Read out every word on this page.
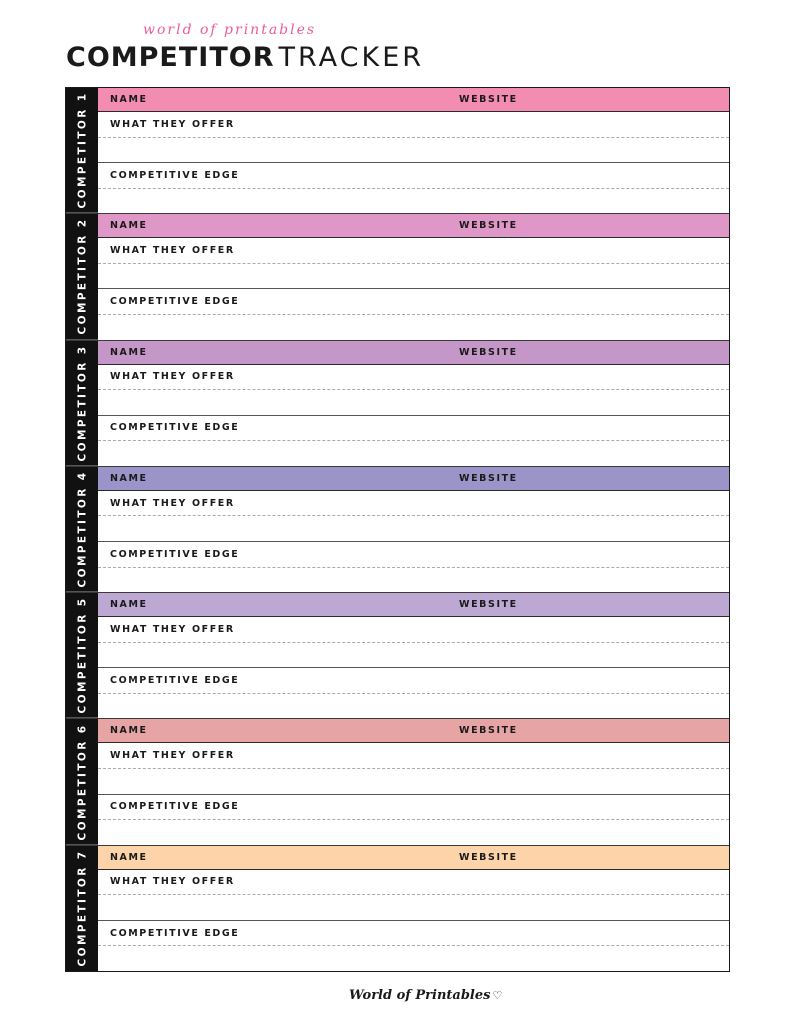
world of printables
COMPETITOR TRACKER
COMPETITOR1	NAME	WEBSITE
WHAT THEY OFFER
COMPETITIVE EDGE
COMPETITOR2	NAME	WEBSITE
WHAT THEY OFFER
COMPETITIVE EDGE
COMPETITOR3	NAME	WEBSITE
WHAT THEY OFFER
COMPETITIVE EDGE
COMPETITOR4	NAME	WEBSITE
WHAT THEY OFFER
COMPETITIVE EDGE
COMPETITOR5	NAME	WEBSITE
WHAT THEY OFFER
COMPETITIVE EDGE
COMPETITOR6	NAME	WEBSITE
WHAT THEY OFFER
COMPETITIVE EDGE
COMPETITOR7	NAME	WEBSITE
WHAT THEY OFFER
COMPETITIVE EDGE
World of Printables ♡
